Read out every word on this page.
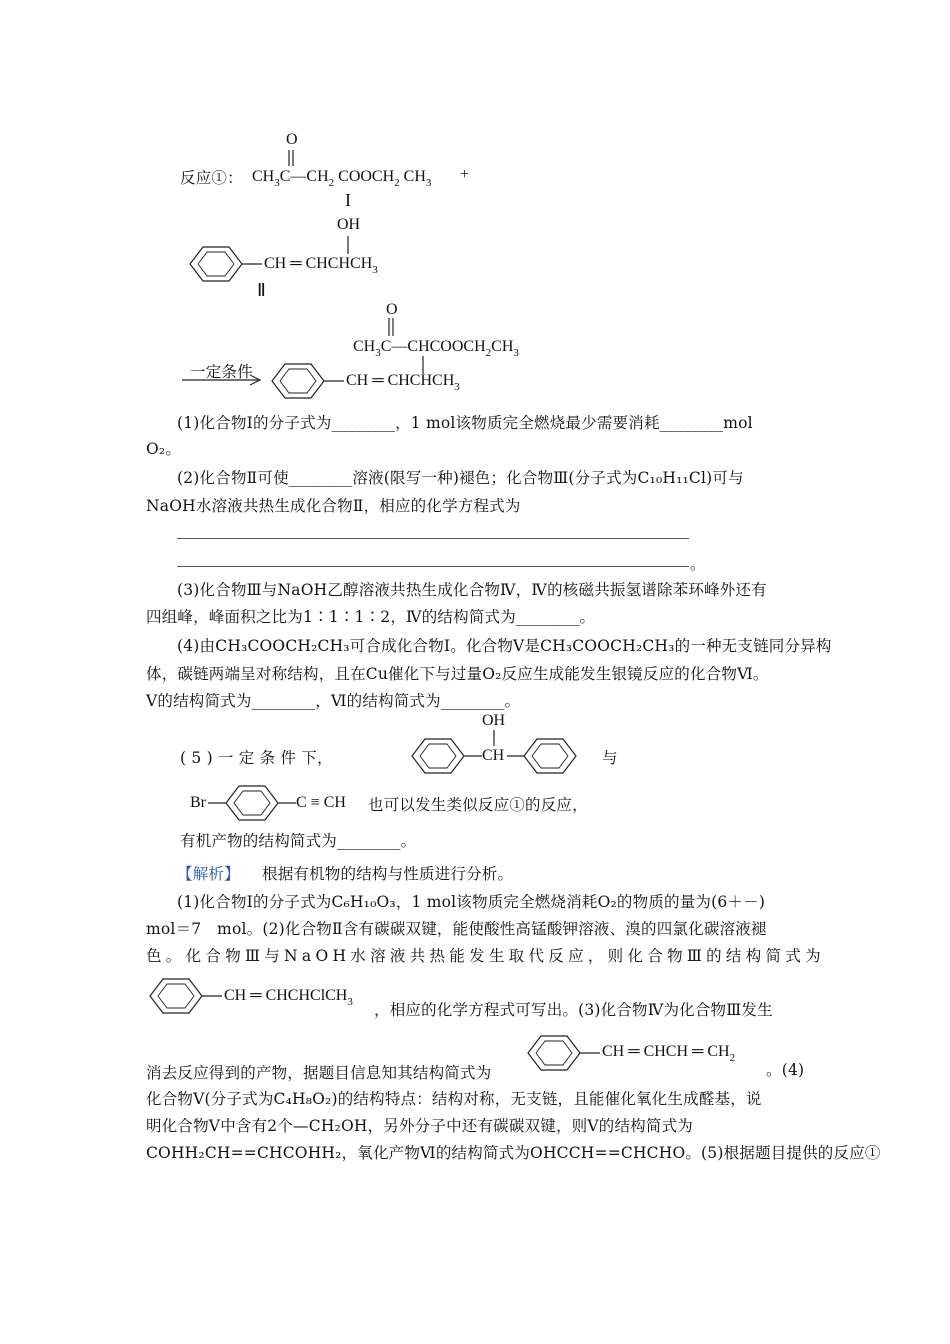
反应①：
O
$CH_3C—CH_2$ $COOCH_2$ $CH_3$ +
I
OH
CH ═ $CHCHCH_3$
Ⅱ
O
$CH_3C—CHCOOCH_2CH_3$
一定条件	CH ═ $CHCHCH_3$
(1)化合物Ⅰ的分子式为________，1 mol该物质完全燃烧最少需要消耗________mol
O₂。
(2)化合物Ⅱ可使________溶液(限写一种)褪色；化合物Ⅲ(分子式为C₁₀H₁₁Cl)可与
NaOH水溶液共热生成化合物Ⅱ，相应的化学方程式为
。
(3)化合物Ⅲ与NaOH乙醇溶液共热生成化合物Ⅳ，Ⅳ的核磁共振氢谱除苯环峰外还有
四组峰，峰面积之比为1∶1∶1∶2，Ⅳ的结构简式为________。
(4)由CH₃COOCH₂CH₃可合成化合物Ⅰ。化合物Ⅴ是CH₃COOCH₂CH₃的一种无支链同分异构
体，碳链两端呈对称结构，且在Cu催化下与过量O₂反应生成能发生银镜反应的化合物Ⅵ。
Ⅴ的结构简式为________，Ⅵ的结构简式为________。
( 5 ) 一 定 条 件 下，
OH
CH	与
Br	C ≡ CH 也可以发生类似反应①的反应，
有机产物的结构简式为________。
【解析】 根据有机物的结构与性质进行分析。
(1)化合物Ⅰ的分子式为C₆H₁₀O₃，1 mol该物质完全燃烧消耗O₂的物质的量为(6＋－)
mol＝7　mol。(2)化合物Ⅱ含有碳碳双键，能使酸性高锰酸钾溶液、溴的四氯化碳溶液褪
色。化合物Ⅲ与NaOH水溶液共热能发生取代反应，则化合物Ⅲ的结构简式为
CH ═ CHCHClCH$_3$ ，相应的化学方程式可写出。(3)化合物Ⅳ为化合物Ⅲ发生
消去反应得到的产物，据题目信息知其结构简式为
CH ═ CHCH ═ $CH_2$
。(4)
化合物Ⅴ(分子式为C₄H₈O₂)的结构特点：结构对称，无支链，且能催化氧化生成醛基，说
明化合物Ⅴ中含有2个—CH₂OH，另外分子中还有碳碳双键，则Ⅴ的结构简式为
COHH₂CH==CHCOHH₂，氧化产物Ⅵ的结构简式为OHCCH==CHCHO。(5)根据题目提供的反应①
